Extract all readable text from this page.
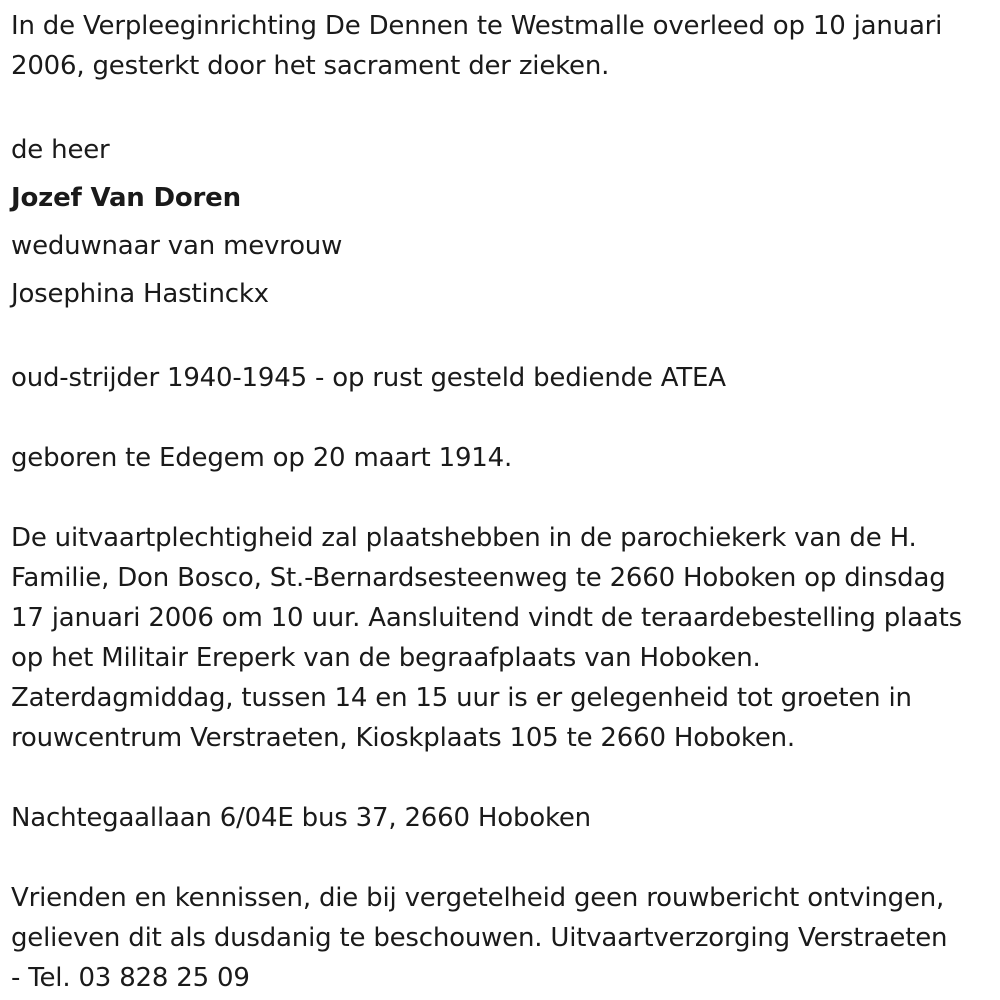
In de Verpleeginrichting De Dennen te Westmalle overleed op 10 januari
2006, gesterkt door het sacrament der zieken.

de heer
Jozef Van Doren
weduwnaar van mevrouw
Josephina Hastinckx

oud-strijder 1940-1945 - op rust gesteld bediende ATEA

geboren te Edegem op 20 maart 1914.

De uitvaartplechtigheid zal plaatshebben in de parochiekerk van de H.
Familie, Don Bosco, St.-Bernardsesteenweg te 2660 Hoboken op dinsdag
17 januari 2006 om 10 uur. Aansluitend vindt de teraardebestelling plaats
op het Militair Ereperk van de begraafplaats van Hoboken.
Zaterdagmiddag, tussen 14 en 15 uur is er gelegenheid tot groeten in
rouwcentrum Verstraeten, Kioskplaats 105 te 2660 Hoboken.

Nachtegaallaan 6/04E bus 37, 2660 Hoboken

Vrienden en kennissen, die bij vergetelheid geen rouwbericht ontvingen,
gelieven dit als dusdanig te beschouwen. Uitvaartverzorging Verstraeten
- Tel. 03 828 25 09
